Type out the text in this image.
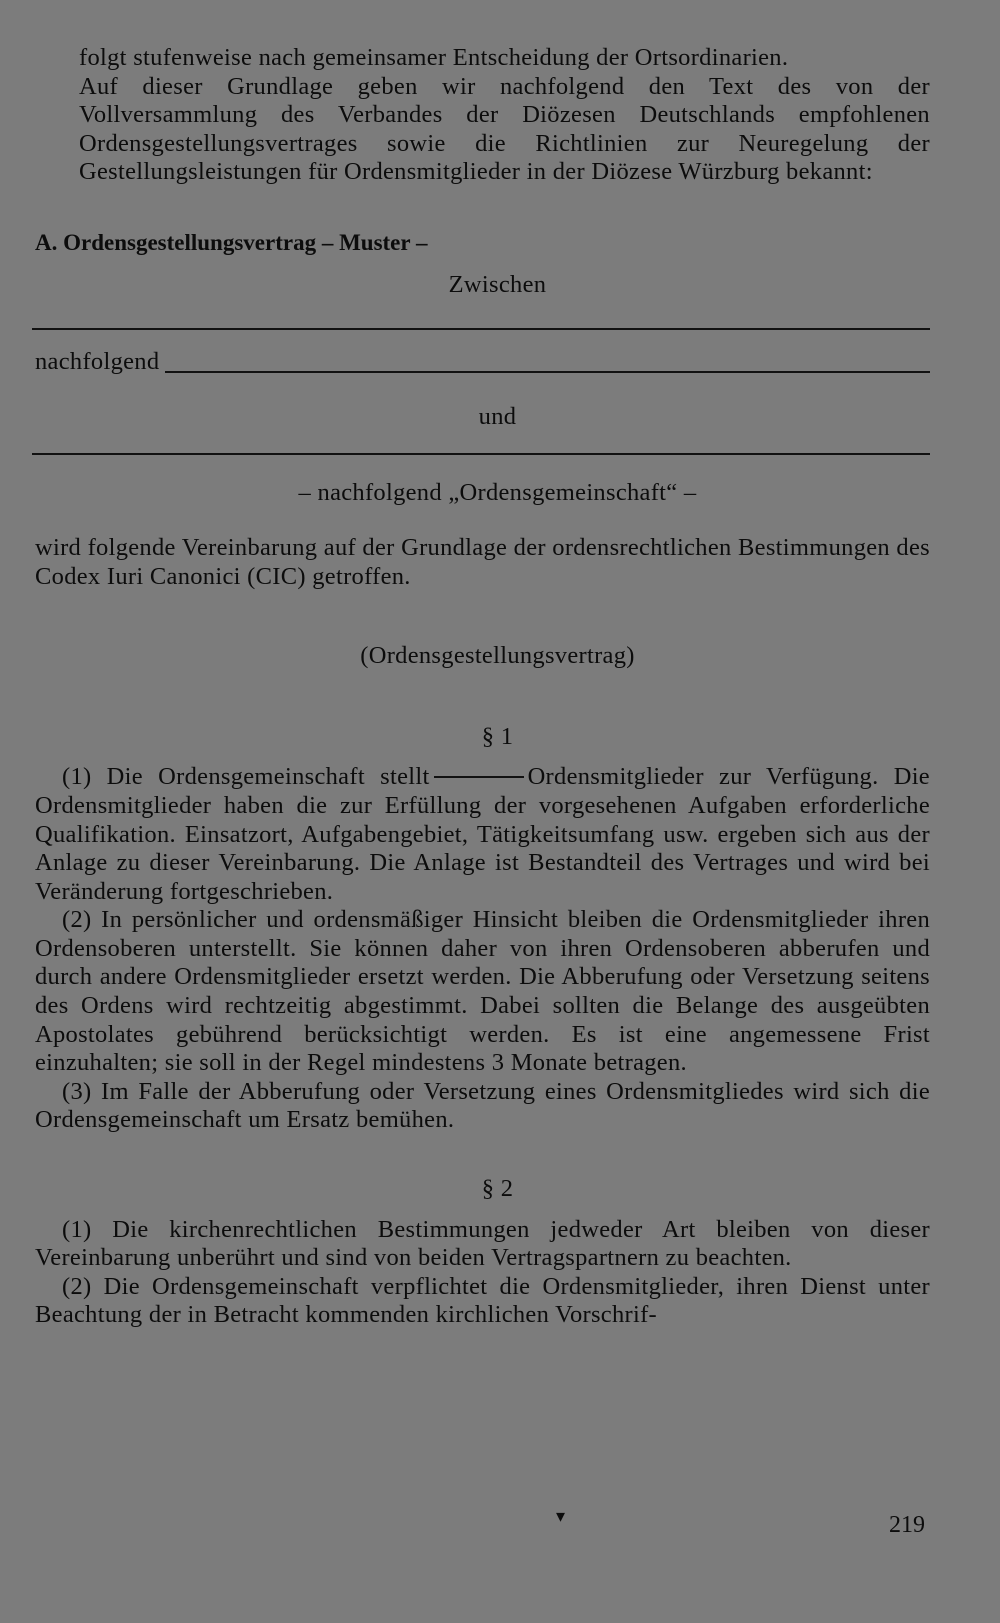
folgt stufenweise nach gemeinsamer Entscheidung der Ortsordinarien.
Auf dieser Grundlage geben wir nachfolgend den Text des von der Vollversammlung des Verbandes der Diözesen Deutschlands empfohlenen Ordensgestellungsvertrages sowie die Richtlinien zur Neuregelung der Gestellungsleistungen für Ordensmitglieder in der Diözese Würzburg bekannt:
A. Ordensgestellungsvertrag – Muster –
Zwischen
nachfolgend
und
– nachfolgend „Ordensgemeinschaft“ –
wird folgende Vereinbarung auf der Grundlage der ordensrechtlichen Bestimmungen des Codex Iuri Canonici (CIC) getroffen.
(Ordensgestellungsvertrag)
§ 1
(1) Die Ordensgemeinschaft stellt	Ordensmitglieder zur Verfügung. Die Ordensmitglieder haben die zur Erfüllung der vorgesehenen Aufgaben erforderliche Qualifikation. Einsatzort, Aufgabengebiet, Tätigkeitsumfang usw. ergeben sich aus der Anlage zu dieser Vereinbarung. Die Anlage ist Bestandteil des Vertrages und wird bei Veränderung fortgeschrieben.
(2) In persönlicher und ordensmäßiger Hinsicht bleiben die Ordensmitglieder ihren Ordensoberen unterstellt. Sie können daher von ihren Ordensoberen abberufen und durch andere Ordensmitglieder ersetzt werden. Die Abberufung oder Versetzung seitens des Ordens wird rechtzeitig abgestimmt. Dabei sollten die Belange des ausgeübten Apostolates gebührend berücksichtigt werden. Es ist eine angemessene Frist einzuhalten; sie soll in der Regel mindestens 3 Monate betragen.
(3) Im Falle der Abberufung oder Versetzung eines Ordensmitgliedes wird sich die Ordensgemeinschaft um Ersatz bemühen.
§ 2
(1) Die kirchenrechtlichen Bestimmungen jedweder Art bleiben von dieser Vereinbarung unberührt und sind von beiden Vertragspartnern zu beachten.
(2) Die Ordensgemeinschaft verpflichtet die Ordensmitglieder, ihren Dienst unter Beachtung der in Betracht kommenden kirchlichen Vorschrif-
▾	219
